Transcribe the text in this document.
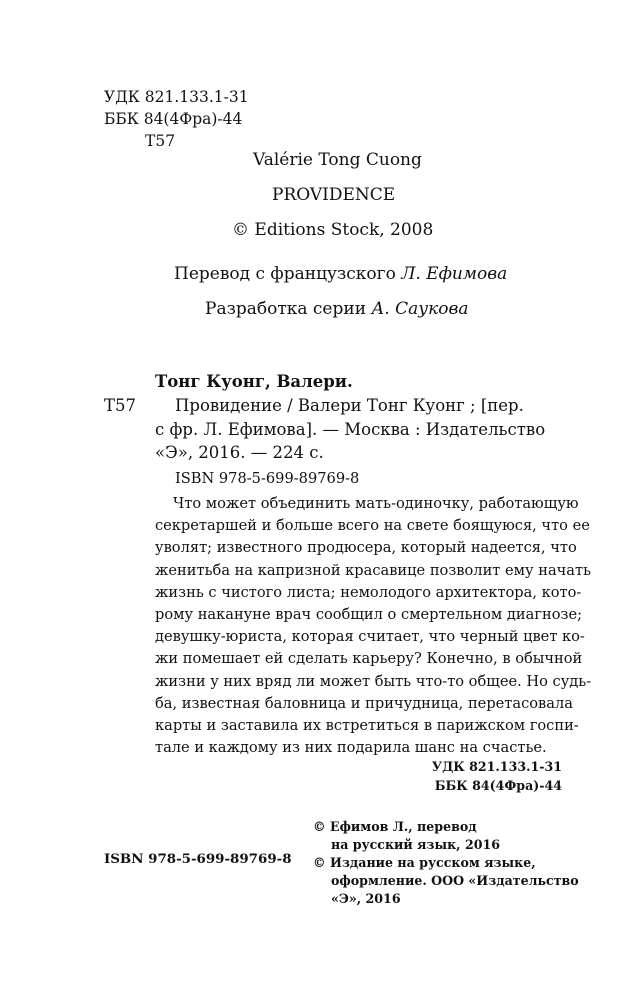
УДК 821.133.1-31
ББК 84(4Фра)-44
Т57
Valérie Tong Cuong
PROVIDENCE
© Editions Stock, 2008
Перевод с французского Л. Ефимова
Разработка серии А. Саукова
Тонг Куонг, Валери.
Т57 Провидение / Валери Тонг Куонг ; [пер.
с фр. Л. Ефимова]. — Москва : Издательство
«Э», 2016. — 224 с.
ISBN 978-5-699-89769-8
Что может объединить мать-одиночку, работающую
секретаршей и больше всего на свете боящуюся, что ее
уволят; известного продюсера, который надеется, что
женитьба на капризной красавице позволит ему начать
жизнь с чистого листа; немолодого архитектора, кото-
рому накануне врач сообщил о смертельном диагнозе;
девушку-юриста, которая считает, что черный цвет ко-
жи помешает ей сделать карьеру? Конечно, в обычной
жизни у них вряд ли может быть что-то общее. Но судь-
ба, известная баловница и причудница, перетасовала
карты и заставила их встретиться в парижском госпи-
тале и каждому из них подарила шанс на счастье.
УДК 821.133.1-31
ББК 84(4Фра)-44
© Ефимов Л., перевод
на русский язык, 2016
© Издание на русском языке,
оформление. ООО «Издательство
«Э», 2016
ISBN 978-5-699-89769-8
